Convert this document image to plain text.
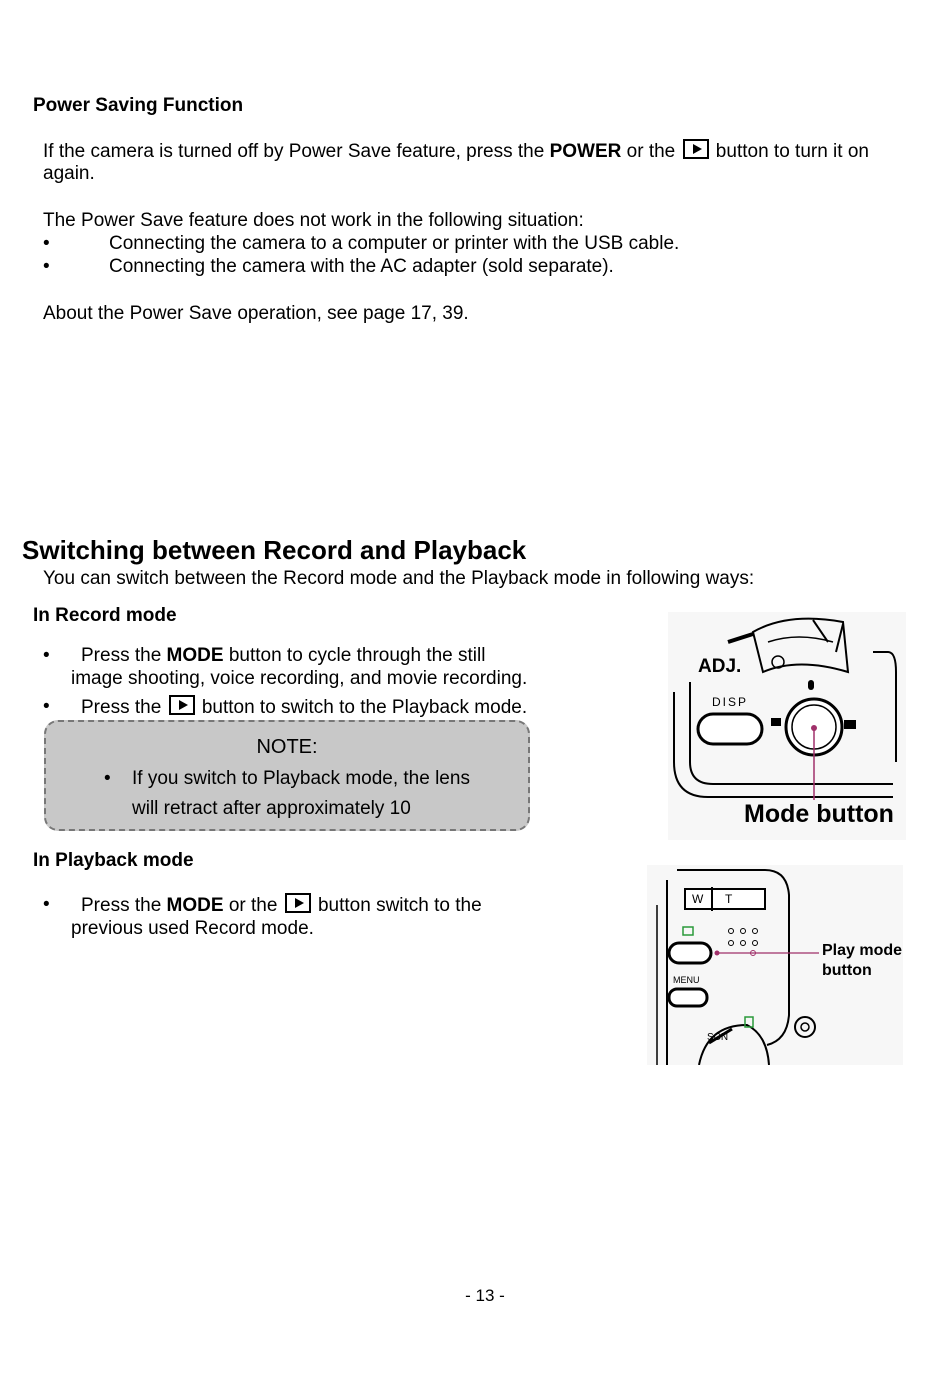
Power Saving Function
If the camera is turned off by Power Save feature, press the POWER or the  button to turn it on
again.
The Power Save feature does not work in the following situation:
•	Connecting the camera to a computer or printer with the USB cable.
•	Connecting the camera with the AC adapter (sold separate).
About the Power Save operation, see page 17, 39.
Switching between Record and Playback
You can switch between the Record mode and the Playback mode in following ways:
In Record mode
• Press the MODE button to cycle through the still
image shooting, voice recording, and movie recording.
• Press the  button to switch to the Playback mode.
NOTE:
• If you switch to Playback mode, the lens
will retract after approximately 10
In Playback mode
• Press the MODE or the  button switch to the
previous used Record mode.
ADJ.
DISP
Mode button
W T
MENU
SCN
Play mode
button
- 13 -
